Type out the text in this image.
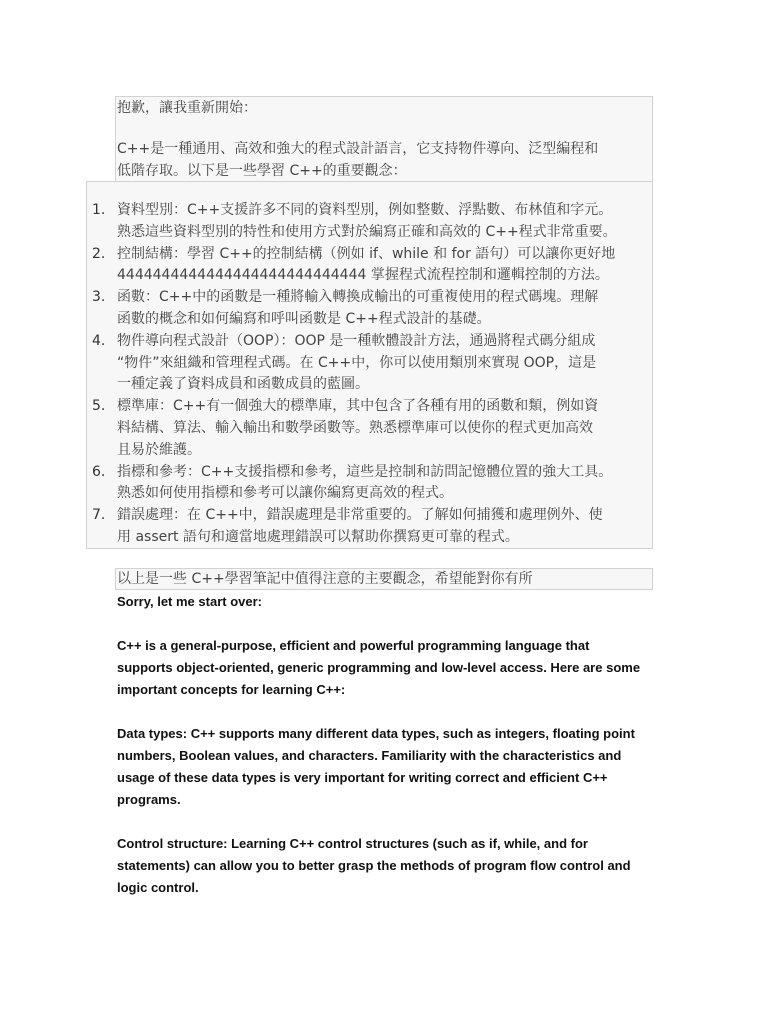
抱歉，讓我重新開始：

C++是一種通用、高效和強大的程式設計語言，它支持物件導向、泛型編程和
低階存取。以下是一些學習 C++的重要觀念：

1. 資料型別：C++支援許多不同的資料型別，例如整數、浮點數、布林值和字元。
熟悉這些資料型別的特性和使用方式對於編寫正確和高效的 C++程式非常重要。
2. 控制結構：學習 C++的控制結構（例如 if、while 和 for 語句）可以讓你更好地
4444444444444444444444444444 掌握程式流程控制和邏輯控制的方法。
3. 函數：C++中的函數是一種將輸入轉換成輸出的可重複使用的程式碼塊。理解
函數的概念和如何編寫和呼叫函數是 C++程式設計的基礎。
4. 物件導向程式設計（OOP）：OOP 是一種軟體設計方法，通過將程式碼分組成
“物件”來組織和管理程式碼。在 C++中，你可以使用類別來實現 OOP，這是
一種定義了資料成員和函數成員的藍圖。
5. 標準庫：C++有一個強大的標準庫，其中包含了各種有用的函數和類，例如資
料結構、算法、輸入輸出和數學函數等。熟悉標準庫可以使你的程式更加高效
且易於維護。
6. 指標和參考：C++支援指標和參考，這些是控制和訪問記憶體位置的強大工具。
熟悉如何使用指標和參考可以讓你編寫更高效的程式。
7. 錯誤處理：在 C++中，錯誤處理是非常重要的。了解如何捕獲和處理例外、使
用 assert 語句和適當地處理錯誤可以幫助你撰寫更可靠的程式。

以上是一些 C++學習筆記中值得注意的主要觀念，希望能對你有所

Sorry, let me start over:
C++ is a general-purpose, efficient and powerful programming language that
supports object-oriented, generic programming and low-level access. Here are some
important concepts for learning C++:
Data types: C++ supports many different data types, such as integers, floating point
numbers, Boolean values, and characters. Familiarity with the characteristics and
usage of these data types is very important for writing correct and efficient C++
programs.
Control structure: Learning C++ control structures (such as if, while, and for
statements) can allow you to better grasp the methods of program flow control and
logic control.
